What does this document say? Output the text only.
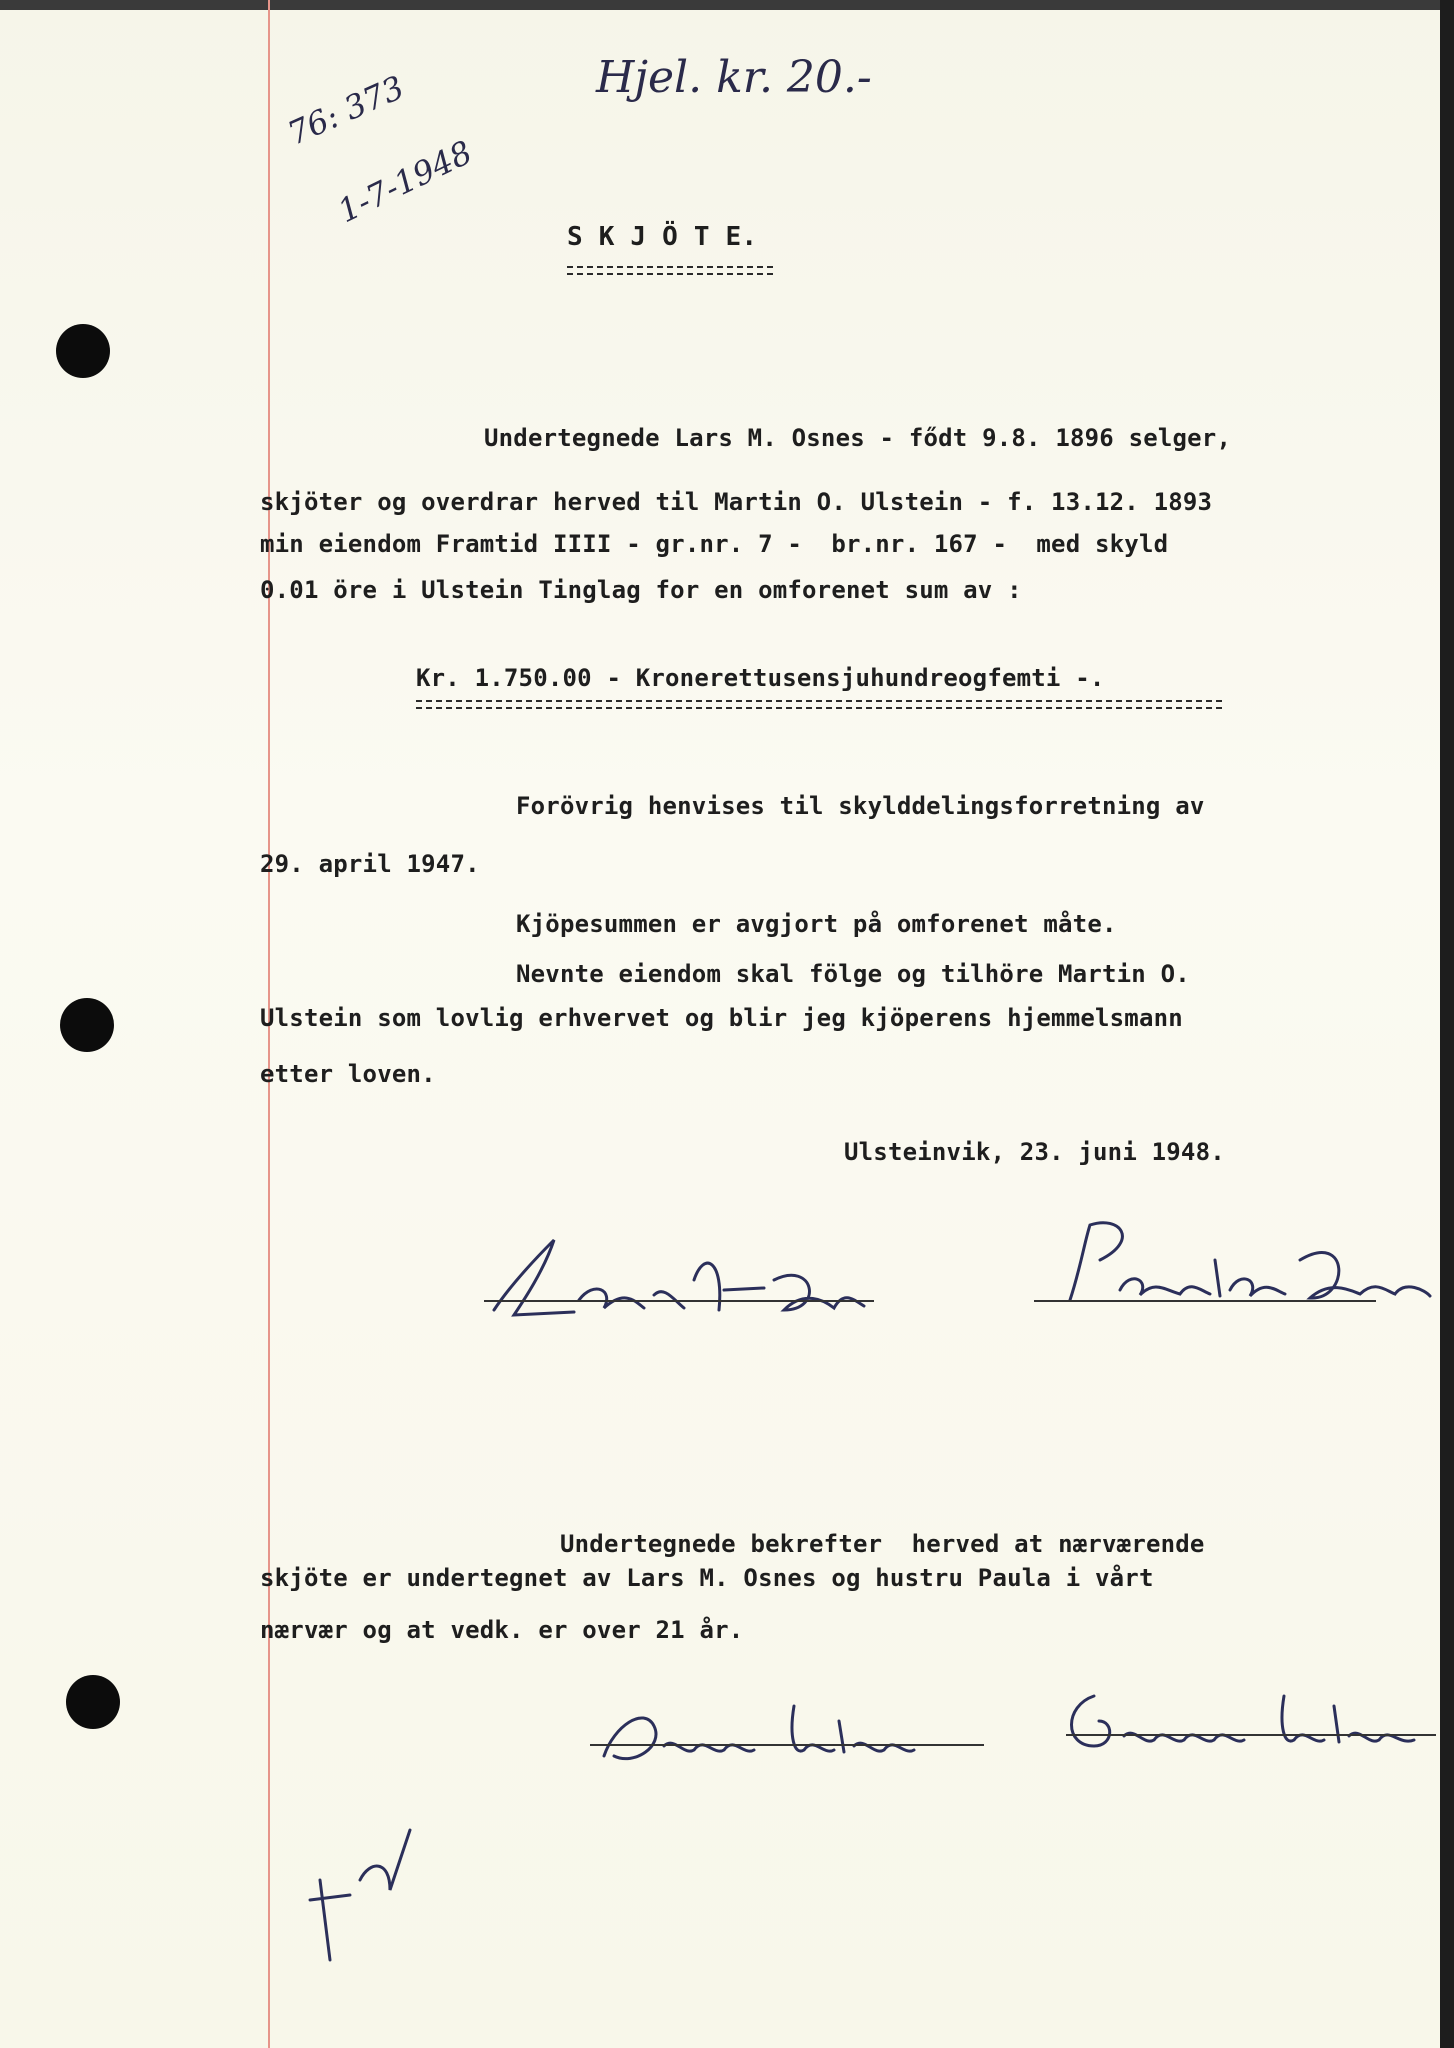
Hjel. kr. 20.-
76: 373
1-7-1948
S K J Ö T E.
Undertegnede Lars M. Osnes - fődt 9.8. 1896 selger,
skjöter og overdrar herved til Martin O. Ulstein - f. 13.12. 1893
min eiendom Framtid IIII - gr.nr. 7 -  br.nr. 167 -  med skyld
0.01 öre i Ulstein Tinglag for en omforenet sum av :
Kr. 1.750.00 - Kronerettusensjuhundreogfemti -.
Forövrig henvises til skylddelingsforretning av
29. april 1947.
Kjöpesummen er avgjort på omforenet måte.
Nevnte eiendom skal fölge og tilhöre Martin O.
Ulstein som lovlig erhvervet og blir jeg kjöperens hjemmelsmann
etter loven.
Ulsteinvik, 23. juni 1948.
Undertegnede bekrefter  herved at nærværende
skjöte er undertegnet av Lars M. Osnes og hustru Paula i vårt
nærvær og at vedk. er over 21 år.
